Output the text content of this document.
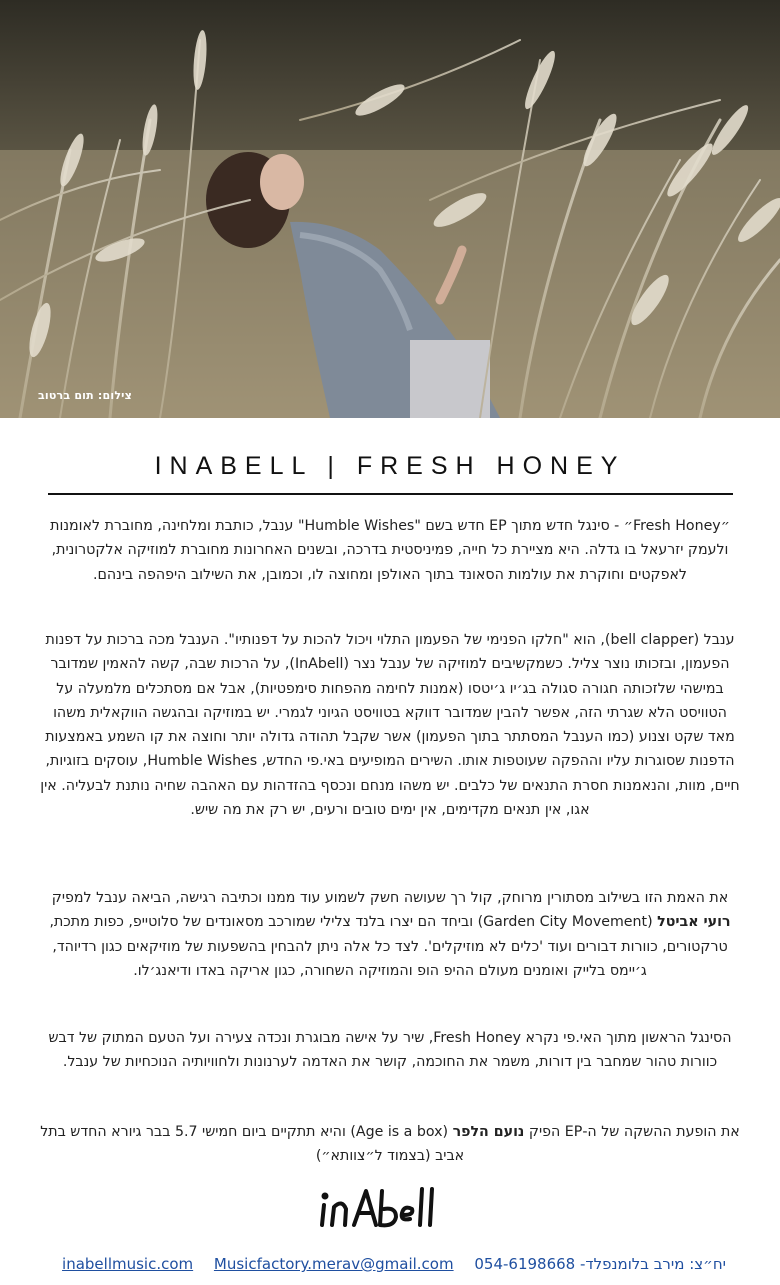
צילום: תום ברטוב
INABELL | FRESH HONEY
״Fresh Honey״ - סינגל חדש מתוך EP חדש בשם "Humble Wishes" ענבל, כותבת ומלחינה, מחוברת לאומנות ולעמק יזרעאל בו גדלה. היא מציירת כל חייה, פמיניסטית בדרכה, ובשנים האחרונות מחוברת למוזיקה אלקטרונית, לאפקטים וחוקרת את עולמות הסאונד בתוך האולפן ומחוצה לו, וכמובן, את השילוב היפהפה בינהם.
ענבל (bell clapper), הוא "חלקו הפנימי של הפעמון התלוי ויכול להכות על דפנותיו". הענבל מכה ברכות על דפנות הפעמון, ובזכותו נוצר צליל. כשמקשיבים למוזיקה של ענבל נצר (InAbell), על הרכות שבה, קשה להאמין שמדובר במישהי שלזכותה חגורה סגולה בג׳יו ג׳יטסו (אמנות לחימה מהפחות סימפטיות), אבל אם מסתכלים מלמעלה על הטוויסט הלא שגרתי הזה, אפשר להבין שמדובר דווקא בטוויסט הגיוני לגמרי. יש במוזיקה ובהגשה הווקאלית משהו מאד שקט וצנוע (כמו הענבל המסתתר בתוך הפעמון) אשר שקבל תהודה גדולה יותר וחוצה את קו השמע באמצעות הדפנות שסוגרות עליו וההפקה שעוטפות אותו. השירים המופיעים באי.פי החדש, Humble Wishes, עוסקים בזוגיות, חיים, מוות, והנאמנות חסרת התנאים של כלבים. יש משהו מנחם ונכסף בהזדהות עם האהבה שחיה נותנת לבעליה. אין אגו, אין תנאים מקדימים, אין ימים טובים ורעים, יש רק את מה שיש.
את האמת הזו בשילוב מסתורין מרוחק, קול רך שעושה חשק לשמוע עוד ממנו וכתיבה רגישה, הביאה ענבל למפיק רועי אביטל (Garden City Movement) וביחד הם יצרו בלנד צלילי שמורכב מסאונדים של סלוטייפ, כפות מתכת, טרקטורים, כוורות דבורים ועוד 'כלים לא מוזיקלים'. לצד כל אלה ניתן להבחין בהשפעות של מוזיקאים כגון רדיוהד, ג׳יימס בלייק ואומנים מעולם ההיפ הופ והמוזיקה השחורה, כגון אריקה באדו ודיאנג׳לו.
הסינגל הראשון מתוך האי.פי נקרא Fresh Honey, שיר על אישה מבוגרת ונכדה צעירה ועל הטעם המתוק של דבש כוורות טהור שמחבר בין דורות, משמר את החוכמה, קושר את האדמה לערנונות ולחוויותיה הנוכחיות של ענבל.
את הופעת ההשקה של ה-EP הפיק נועם הלפר (Age is a box) והיא תתקיים ביום חמישי 5.7 בבר גיורא החדש בתל אביב (בצמוד ל״צוותא״)
inabellmusic.com Musicfactory.merav@gmail.com יח״צ: מירב בלומנפלד- 054-6198668
